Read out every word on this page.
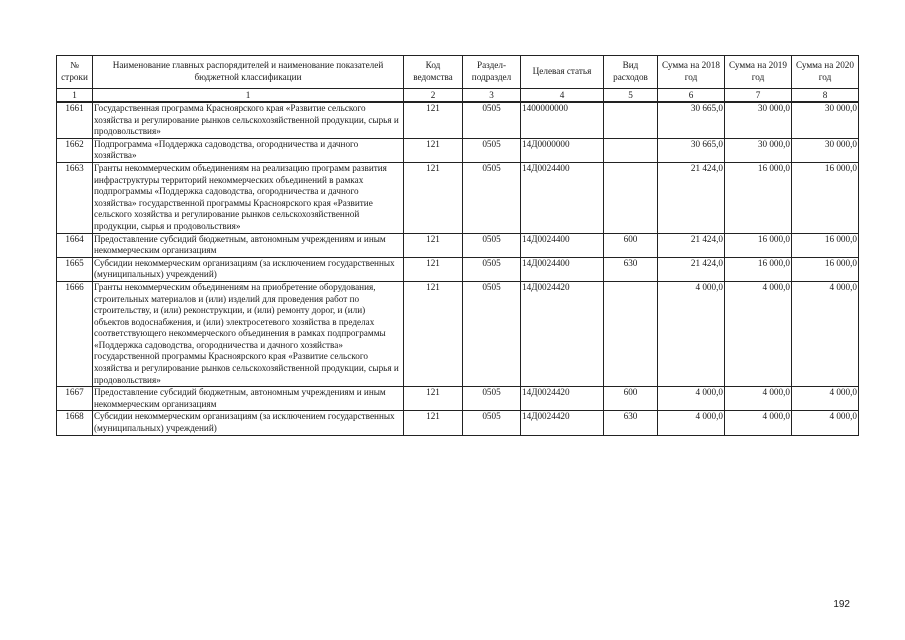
№ строки	Наименование главных распорядителей и наименование показателей бюджетной классификации	Код ведомства	Раздел-подраздел	Целевая статья	Вид расходов	Сумма на 2018 год	Сумма на 2019 год	Сумма на 2020 год
1	1	2	3	4	5	6	7	8
1661	Государственная программа Красноярского края «Развитие сельского хозяйства и регулирование рынков сельскохозяйственной продукции, сырья и продовольствия»	121	0505	1400000000		30 665,0	30 000,0	30 000,0
1662	Подпрограмма «Поддержка садоводства, огородничества и дачного хозяйства»	121	0505	14Д0000000		30 665,0	30 000,0	30 000,0
1663	Гранты некоммерческим объединениям на реализацию программ развития инфраструктуры территорий некоммерческих объединений в рамках подпрограммы «Поддержка садоводства, огородничества и дачного хозяйства» государственной программы Красноярского края «Развитие сельского хозяйства и регулирование рынков сельскохозяйственной продукции, сырья и продовольствия»	121	0505	14Д0024400		21 424,0	16 000,0	16 000,0
1664	Предоставление субсидий бюджетным, автономным учреждениям и иным некоммерческим организациям	121	0505	14Д0024400	600	21 424,0	16 000,0	16 000,0
1665	Субсидии некоммерческим организациям (за исключением государственных (муниципальных) учреждений)	121	0505	14Д0024400	630	21 424,0	16 000,0	16 000,0
1666	Гранты некоммерческим объединениям на приобретение оборудования, строительных материалов и (или) изделий для проведения работ по строительству, и (или) реконструкции, и (или) ремонту дорог, и (или) объектов водоснабжения, и (или) электросетевого хозяйства в пределах соответствующего некоммерческого объединения в рамках подпрограммы «Поддержка садоводства, огородничества и дачного хозяйства» государственной программы Красноярского края «Развитие сельского хозяйства и регулирование рынков сельскохозяйственной продукции, сырья и продовольствия»	121	0505	14Д0024420		4 000,0	4 000,0	4 000,0
1667	Предоставление субсидий бюджетным, автономным учреждениям и иным некоммерческим организациям	121	0505	14Д0024420	600	4 000,0	4 000,0	4 000,0
1668	Субсидии некоммерческим организациям (за исключением государственных (муниципальных) учреждений)	121	0505	14Д0024420	630	4 000,0	4 000,0	4 000,0
192
